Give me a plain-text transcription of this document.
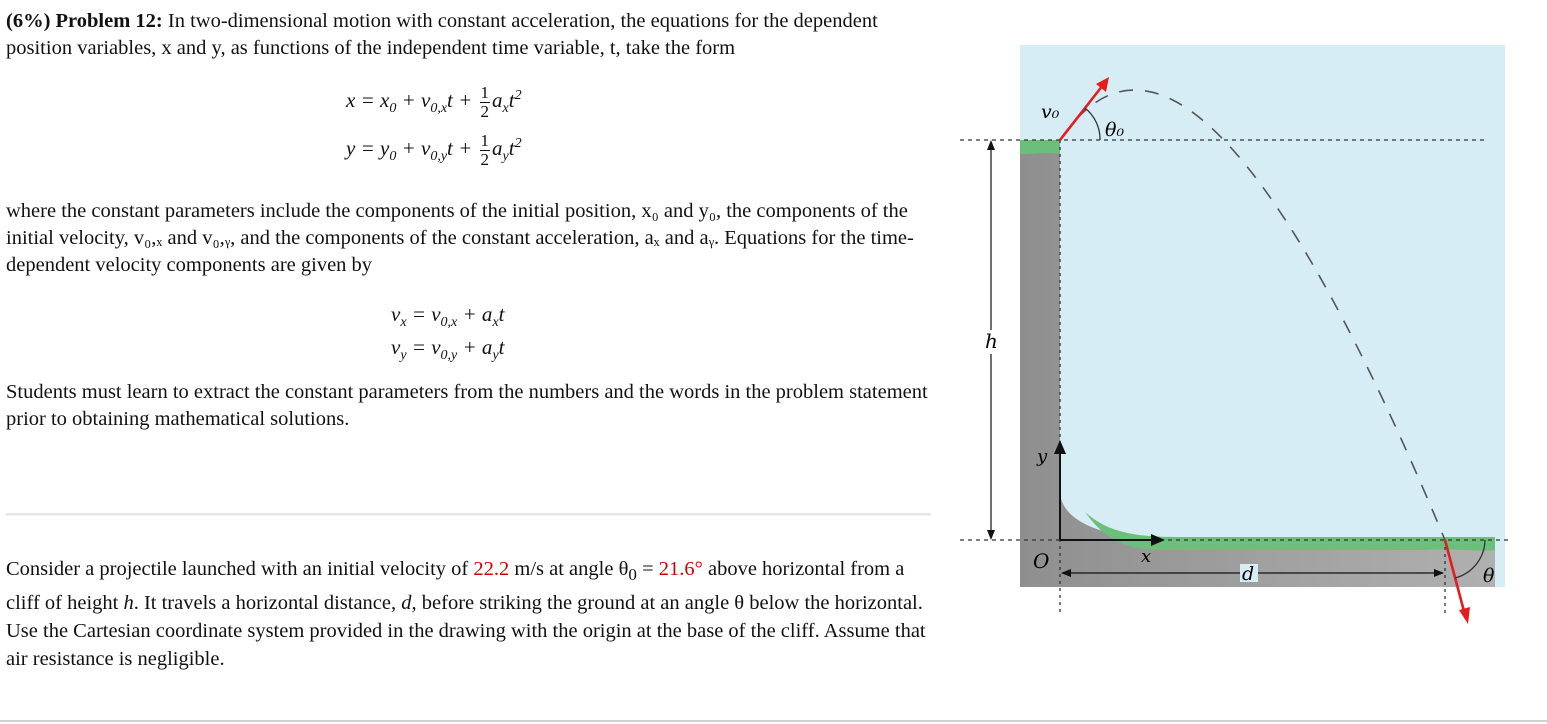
(6%) Problem 12: In two-dimensional motion with constant acceleration, the equations for the dependent position variables, x and y, as functions of the independent time variable, t, take the form

$x = x_0 + v_{0,x}t + \frac{1}{2} a_xt^2$
$y = y_0 + v_{0,y}t + \frac{1}{2} a_yt^2$

where the constant parameters include the components of the initial position, x₀ and y₀, the components of the initial velocity, v₀,ₓ and v₀,ᵧ, and the components of the constant acceleration, aₓ and aᵧ. Equations for the time-dependent velocity components are given by

$v_x = v_{0,x} + a_xt$
$v_y = v_{0,y} + a_yt$

Students must learn to extract the constant parameters from the numbers and the words in the problem statement prior to obtaining mathematical solutions.

Consider a projectile launched with an initial velocity of 22.2 m/s at angle $\theta_0 = 21.6^\circ$ above horizontal from a cliff of height h. It travels a horizontal distance, d, before striking the ground at an angle θ below the horizontal. Use the Cartesian coordinate system provided in the drawing with the origin at the base of the cliff. Assume that air resistance is negligible.
h
d
y
x
O
v₀
θ₀
θ
